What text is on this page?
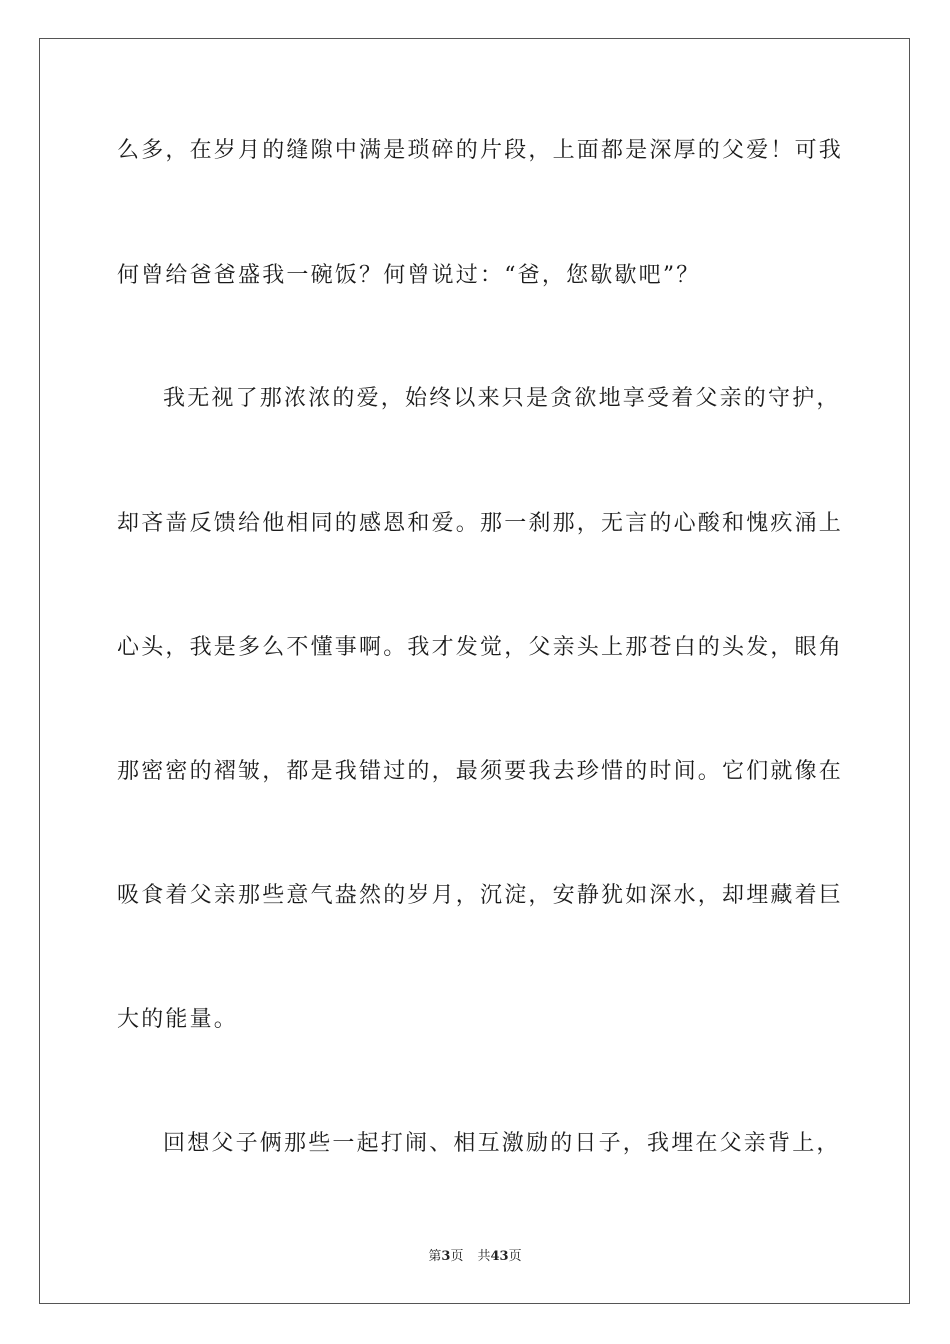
么多，在岁月的缝隙中满是琐碎的片段，上面都是深厚的父爱！可我
何曾给爸爸盛我一碗饭？何曾说过：“爸，您歇歇吧”？
我无视了那浓浓的爱，始终以来只是贪欲地享受着父亲的守护，
却吝啬反馈给他相同的感恩和爱。那一刹那，无言的心酸和愧疚涌上
心头，我是多么不懂事啊。我才发觉，父亲头上那苍白的头发，眼角
那密密的褶皱，都是我错过的，最须要我去珍惜的时间。它们就像在
吸食着父亲那些意气盎然的岁月，沉淀，安静犹如深水，却埋藏着巨
大的能量。
回想父子俩那些一起打闹、相互激励的日子，我埋在父亲背上，
第3页 共43页
